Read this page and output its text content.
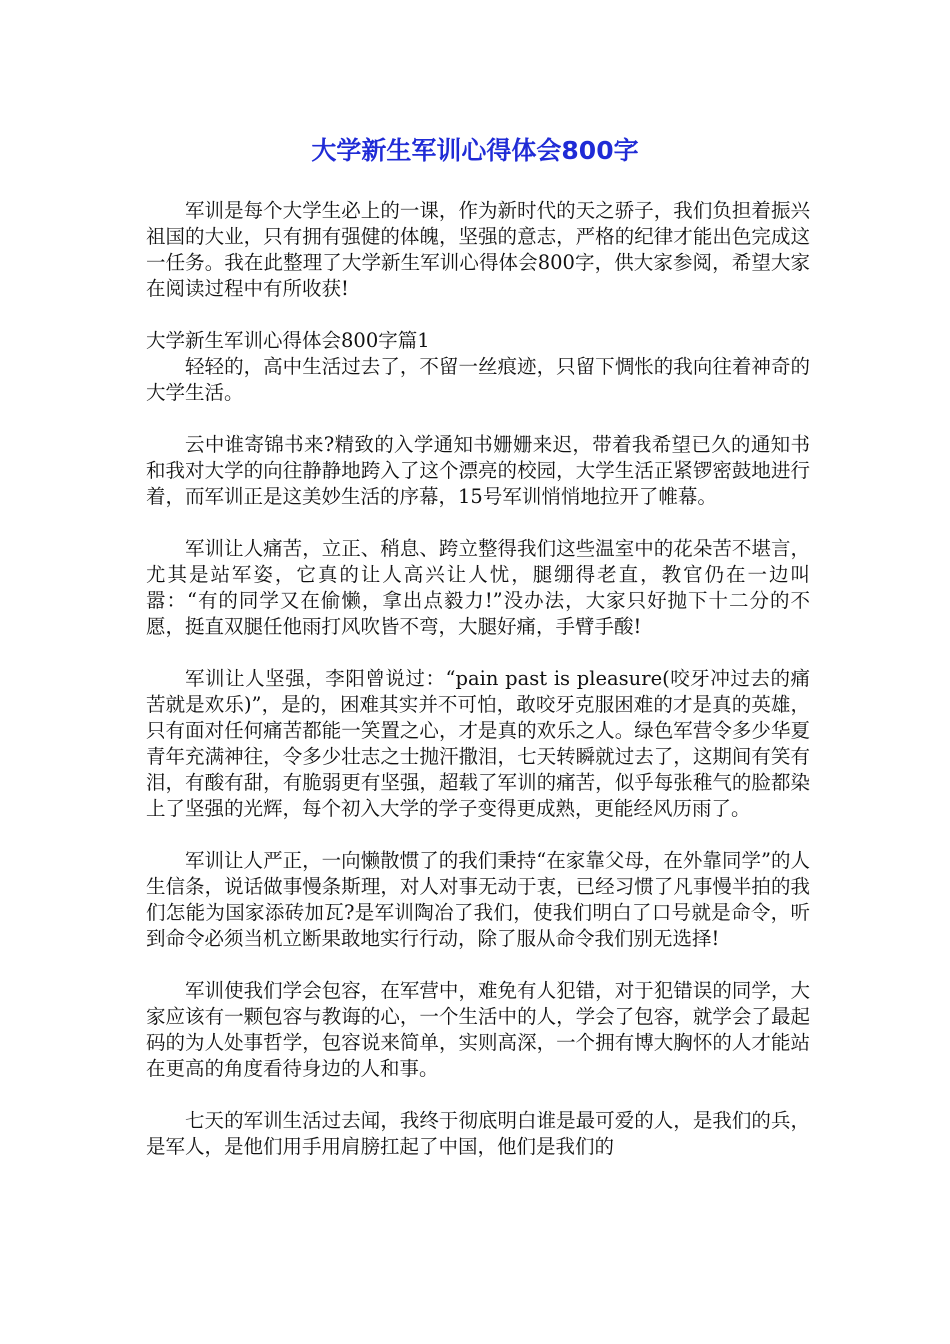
大学新生军训心得体会800字

军训是每个大学生必上的一课，作为新时代的天之骄子，我们负担着振兴祖国的大业，只有拥有强健的体魄，坚强的意志，严格的纪律才能出色完成这一任务。我在此整理了大学新生军训心得体会800字，供大家参阅，希望大家在阅读过程中有所收获!

大学新生军训心得体会800字篇1

轻轻的，高中生活过去了，不留一丝痕迹，只留下惆怅的我向往着神奇的大学生活。

云中谁寄锦书来?精致的入学通知书姗姗来迟，带着我希望已久的通知书和我对大学的向往静静地跨入了这个漂亮的校园，大学生活正紧锣密鼓地进行着，而军训正是这美妙生活的序幕，15号军训悄悄地拉开了帷幕。

军训让人痛苦，立正、稍息、跨立整得我们这些温室中的花朵苦不堪言，尤其是站军姿，它真的让人高兴让人忧，腿绷得老直，教官仍在一边叫嚣：“有的同学又在偷懒，拿出点毅力!”没办法，大家只好抛下十二分的不愿，挺直双腿任他雨打风吹皆不弯，大腿好痛，手臂手酸!

军训让人坚强，李阳曾说过：“pain past is pleasure(咬牙冲过去的痛苦就是欢乐)”，是的，困难其实并不可怕，敢咬牙克服困难的才是真的英雄，只有面对任何痛苦都能一笑置之心，才是真的欢乐之人。绿色军营令多少华夏青年充满神往，令多少壮志之士抛汗撒泪，七天转瞬就过去了，这期间有笑有泪，有酸有甜，有脆弱更有坚强，超载了军训的痛苦，似乎每张稚气的脸都染上了坚强的光辉，每个初入大学的学子变得更成熟，更能经风历雨了。

军训让人严正，一向懒散惯了的我们秉持“在家靠父母，在外靠同学”的人生信条，说话做事慢条斯理，对人对事无动于衷，已经习惯了凡事慢半拍的我们怎能为国家添砖加瓦?是军训陶冶了我们，使我们明白了口号就是命令，听到命令必须当机立断果敢地实行行动，除了服从命令我们别无选择!

军训使我们学会包容，在军营中，难免有人犯错，对于犯错误的同学，大家应该有一颗包容与教诲的心，一个生活中的人，学会了包容，就学会了最起码的为人处事哲学，包容说来简单，实则高深，一个拥有博大胸怀的人才能站在更高的角度看待身边的人和事。

七天的军训生活过去闻，我终于彻底明白谁是最可爱的人，是我们的兵，是军人，是他们用手用肩膀扛起了中国，他们是我们的
